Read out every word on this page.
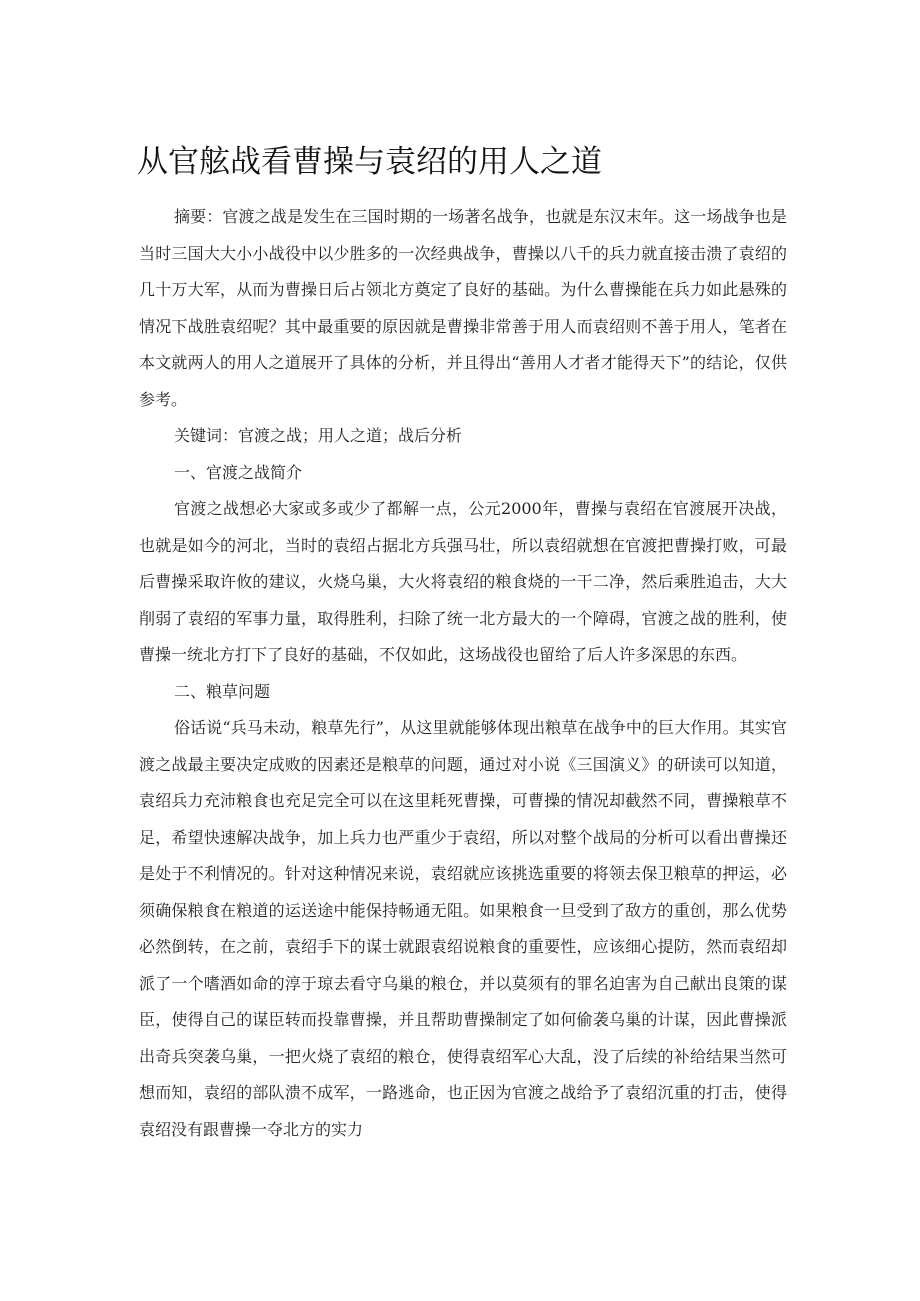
从官舷战看曹操与袁绍的用人之道

摘要：官渡之战是发生在三国时期的一场著名战争，也就是东汉末年。这一场战争也是当时三国大大小小战役中以少胜多的一次经典战争，曹操以八千的兵力就直接击溃了袁绍的几十万大军，从而为曹操日后占领北方奠定了良好的基础。为什么曹操能在兵力如此悬殊的情况下战胜袁绍呢？其中最重要的原因就是曹操非常善于用人而袁绍则不善于用人，笔者在本文就两人的用人之道展开了具体的分析，并且得出“善用人才者才能得天下”的结论，仅供参考。

关键词：官渡之战；用人之道；战后分析

一、官渡之战简介

官渡之战想必大家或多或少了都解一点，公元2000年，曹操与袁绍在官渡展开决战，也就是如今的河北，当时的袁绍占据北方兵强马壮，所以袁绍就想在官渡把曹操打败，可最后曹操采取许攸的建议，火烧乌巢，大火将袁绍的粮食烧的一干二净，然后乘胜追击，大大削弱了袁绍的军事力量，取得胜利，扫除了统一北方最大的一个障碍，官渡之战的胜利，使曹操一统北方打下了良好的基础，不仅如此，这场战役也留给了后人许多深思的东西。

二、粮草问题

俗话说“兵马未动，粮草先行”，从这里就能够体现出粮草在战争中的巨大作用。其实官渡之战最主要决定成败的因素还是粮草的问题，通过对小说《三国演义》的研读可以知道，袁绍兵力充沛粮食也充足完全可以在这里耗死曹操，可曹操的情况却截然不同，曹操粮草不足，希望快速解决战争，加上兵力也严重少于袁绍，所以对整个战局的分析可以看出曹操还是处于不利情况的。针对这种情况来说，袁绍就应该挑选重要的将领去保卫粮草的押运，必须确保粮食在粮道的运送途中能保持畅通无阻。如果粮食一旦受到了敌方的重创，那么优势必然倒转，在之前，袁绍手下的谋士就跟袁绍说粮食的重要性，应该细心提防，然而袁绍却派了一个嗜酒如命的淳于琼去看守乌巢的粮仓，并以莫须有的罪名迫害为自己献出良策的谋臣，使得自己的谋臣转而投靠曹操，并且帮助曹操制定了如何偷袭乌巢的计谋，因此曹操派出奇兵突袭乌巢，一把火烧了袁绍的粮仓，使得袁绍军心大乱，没了后续的补给结果当然可想而知，袁绍的部队溃不成军，一路逃命，也正因为官渡之战给予了袁绍沉重的打击，使得袁绍没有跟曹操一夺北方的实力
